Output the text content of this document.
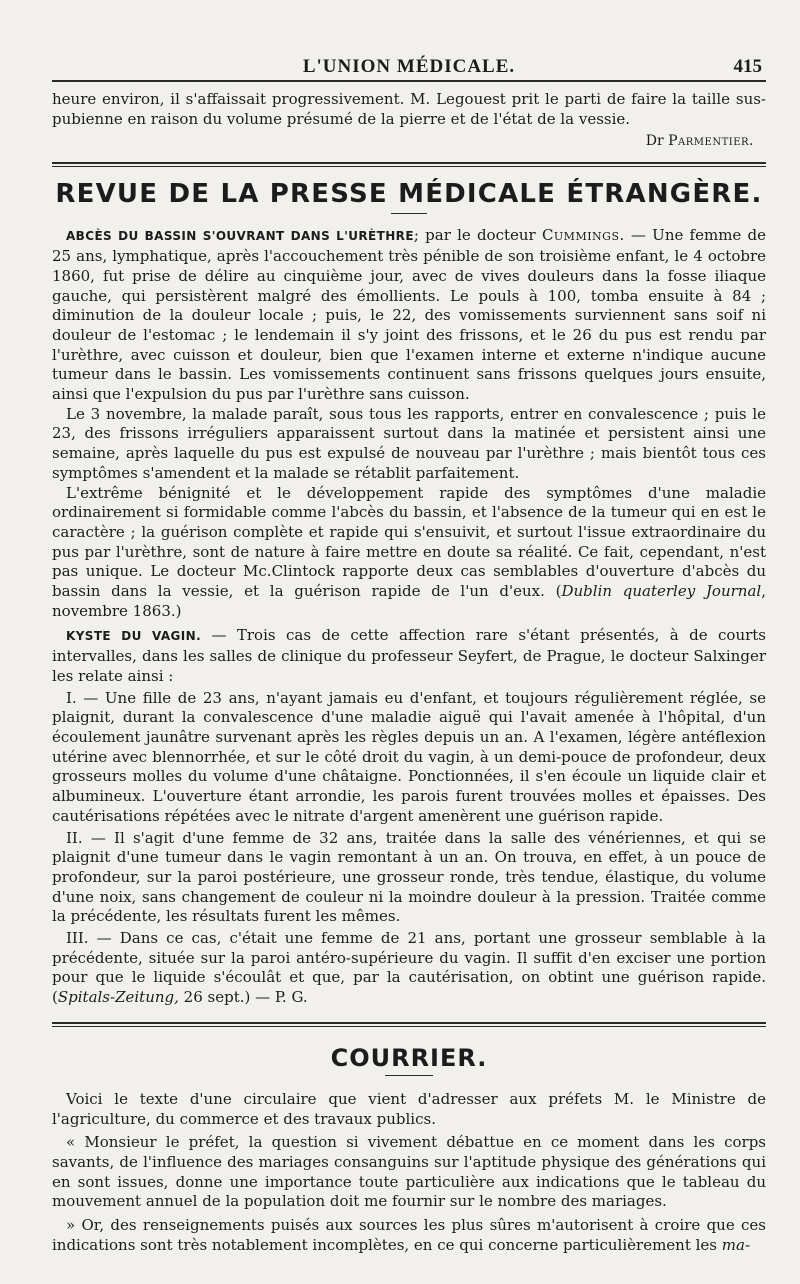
L'UNION MÉDICALE.	415

heure environ, il s'affaissait progressivement. M. Legouest prit le parti de faire la taille sus-pubienne en raison du volume présumé de la pierre et de l'état de la vessie.

Dr Parmentier.
REVUE DE LA PRESSE MÉDICALE ÉTRANGÈRE.

ABCÈS DU BASSIN S'OUVRANT DANS L'URÈTHRE; par le docteur Cummings. — Une femme de 25 ans, lymphatique, après l'accouchement très pénible de son troisième enfant, le 4 octobre 1860, fut prise de délire au cinquième jour, avec de vives douleurs dans la fosse iliaque gauche, qui persistèrent malgré des émollients. Le pouls à 100, tomba ensuite à 84 ; diminution de la douleur locale ; puis, le 22, des vomissements surviennent sans soif ni douleur de l'estomac ; le lendemain il s'y joint des frissons, et le 26 du pus est rendu par l'urèthre, avec cuisson et douleur, bien que l'examen interne et externe n'indique aucune tumeur dans le bassin. Les vomissements continuent sans frissons quelques jours ensuite, ainsi que l'expulsion du pus par l'urèthre sans cuisson.

Le 3 novembre, la malade paraît, sous tous les rapports, entrer en convalescence ; puis le 23, des frissons irréguliers apparaissent surtout dans la matinée et persistent ainsi une semaine, après laquelle du pus est expulsé de nouveau par l'urèthre ; mais bientôt tous ces symptômes s'amendent et la malade se rétablit parfaitement.

L'extrême bénignité et le développement rapide des symptômes d'une maladie ordinairement si formidable comme l'abcès du bassin, et l'absence de la tumeur qui en est le caractère ; la guérison complète et rapide qui s'ensuivit, et surtout l'issue extraordinaire du pus par l'urèthre, sont de nature à faire mettre en doute sa réalité. Ce fait, cependant, n'est pas unique. Le docteur Mc.Clintock rapporte deux cas semblables d'ouverture d'abcès du bassin dans la vessie, et la guérison rapide de l'un d'eux. (Dublin quaterley Journal, novembre 1863.)

KYSTE DU VAGIN. — Trois cas de cette affection rare s'étant présentés, à de courts intervalles, dans les salles de clinique du professeur Seyfert, de Prague, le docteur Salxinger les relate ainsi :

I. — Une fille de 23 ans, n'ayant jamais eu d'enfant, et toujours régulièrement réglée, se plaignit, durant la convalescence d'une maladie aiguë qui l'avait amenée à l'hôpital, d'un écoulement jaunâtre survenant après les règles depuis un an. A l'examen, légère antéflexion utérine avec blennorrhée, et sur le côté droit du vagin, à un demi-pouce de profondeur, deux grosseurs molles du volume d'une châtaigne. Ponctionnées, il s'en écoule un liquide clair et albumineux. L'ouverture étant arrondie, les parois furent trouvées molles et épaisses. Des cautérisations répétées avec le nitrate d'argent amenèrent une guérison rapide.

II. — Il s'agit d'une femme de 32 ans, traitée dans la salle des vénériennes, et qui se plaignit d'une tumeur dans le vagin remontant à un an. On trouva, en effet, à un pouce de profondeur, sur la paroi postérieure, une grosseur ronde, très tendue, élastique, du volume d'une noix, sans changement de couleur ni la moindre douleur à la pression. Traitée comme la précédente, les résultats furent les mêmes.

III. — Dans ce cas, c'était une femme de 21 ans, portant une grosseur semblable à la précédente, située sur la paroi antéro-supérieure du vagin. Il suffit d'en exciser une portion pour que le liquide s'écoulât et que, par la cautérisation, on obtint une guérison rapide. (Spitals-Zeitung, 26 sept.) — P. G.

COURRIER.

Voici le texte d'une circulaire que vient d'adresser aux préfets M. le Ministre de l'agriculture, du commerce et des travaux publics.

« Monsieur le préfet, la question si vivement débattue en ce moment dans les corps savants, de l'influence des mariages consanguins sur l'aptitude physique des générations qui en sont issues, donne une importance toute particulière aux indications que le tableau du mouvement annuel de la population doit me fournir sur le nombre des mariages.

» Or, des renseignements puisés aux sources les plus sûres m'autorisent à croire que ces indications sont très notablement incomplètes, en ce qui concerne particulièrement les ma-
